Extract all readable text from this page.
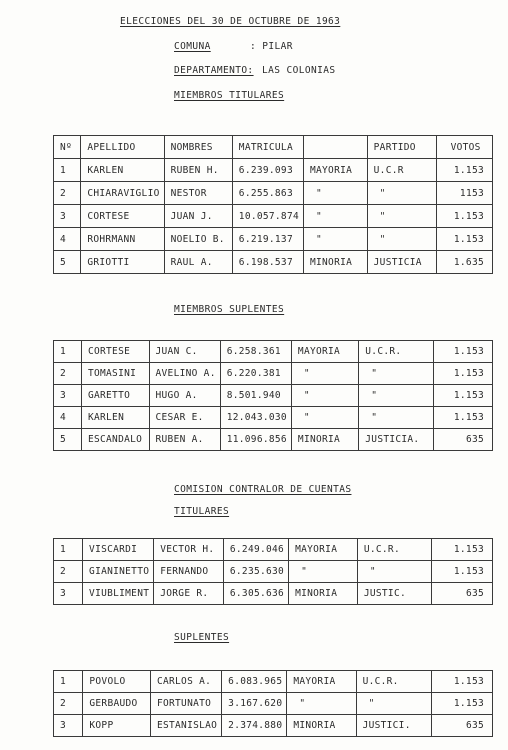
ELECCIONES DEL 30 DE OCTUBRE DE 1963
COMUNA	: PILAR
DEPARTAMENTO: LAS COLONIAS
MIEMBROS TITULARES
Nº	APELLIDO	NOMBRES	MATRICULA		PARTIDO	VOTOS
1	KARLEN	RUBEN H.	6.239.093	MAYORIA	U.C.R	1.153
2	CHIARAVIGLIO	NESTOR	6.255.863	"	"	1153
3	CORTESE	JUAN J.	10.057.874	"	"	1.153
4	ROHRMANN	NOELIO B.	6.219.137	"	"	1.153
5	GRIOTTI	RAUL A.	6.198.537	MINORIA	JUSTICIA	1.635
MIEMBROS SUPLENTES
1	CORTESE	JUAN C.	6.258.361	MAYORIA	U.C.R.	1.153
2	TOMASINI	AVELINO A.	6.220.381	"	"	1.153
3	GARETTO	HUGO A.	8.501.940	"	"	1.153
4	KARLEN	CESAR E.	12.043.030	"	"	1.153
5	ESCANDALO	RUBEN A.	11.096.856	MINORIA	JUSTICIA.	635
COMISION CONTRALOR DE CUENTAS
TITULARES
1	VISCARDI	VECTOR H.	6.249.046	MAYORIA	U.C.R.	1.153
2	GIANINETTO	FERNANDO	6.235.630	"	"	1.153
3	VIUBLIMENT	JORGE R.	6.305.636	MINORIA	JUSTIC.	635
SUPLENTES
1	POVOLO	CARLOS A.	6.083.965	MAYORIA	U.C.R.	1.153
2	GERBAUDO	FORTUNATO	3.167.620	"	"	1.153
3	KOPP	ESTANISLAO	2.374.880	MINORIA	JUSTICI.	635
